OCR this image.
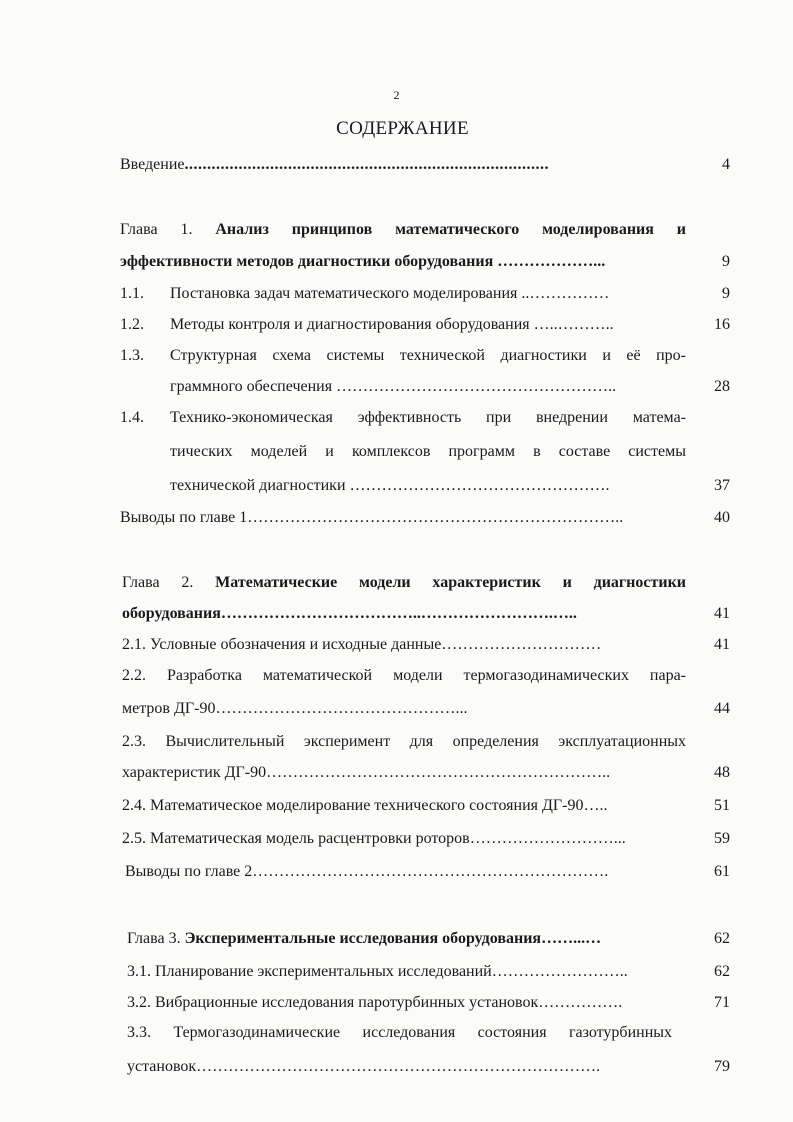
2
СОДЕРЖАНИЕ
Введение.................................................................................	4
Глава 1. Анализ принципов математического моделирования и
эффективности методов диагностики оборудования ………………...	9
1.1. Постановка задач математического моделирования ..……………	9
1.2. Методы контроля и диагностирования оборудования …..………..	16
1.3. Структурная схема системы технической диагностики и её про-
граммного обеспечения ……………………………………………..	28
1.4. Технико-экономическая эффективность при внедрении матема-
тических моделей и комплексов программ в составе системы
технической диагностики ………………………………………….	37
Выводы по главе 1……………………………………………………………..	40
Глава 2. Математические модели характеристик и диагностики
оборудования………………………………..…………………….…..	41
2.1. Условные обозначения и исходные данные…………………………	41
2.2. Разработка математической модели термогазодинамических пара-
метров ДГ-90………………………………………...	44
2.3. Вычислительный эксперимент для определения эксплуатационных
характеристик ДГ-90………………………………………………………..	48
2.4. Математическое моделирование технического состояния ДГ-90…..	51
2.5. Математическая модель расцентровки роторов………………………...	59
Выводы по главе 2………………………………………………………….	61
Глава 3. Экспериментальные исследования оборудования……...…	62
3.1. Планирование экспериментальных исследований……………………..	62
3.2. Вибрационные исследования паротурбинных установок…………….	71
3.3. Термогазодинамические исследования состояния газотурбинных
установок………………………………………………………………….	79
